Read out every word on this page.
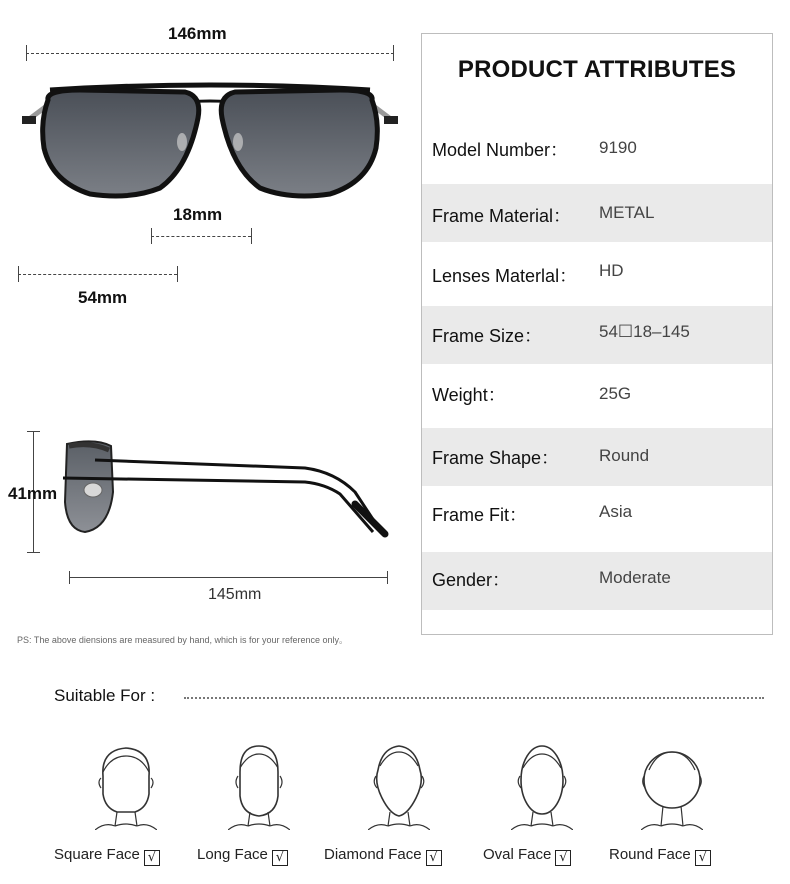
146mm
18mm
54mm
41mm
145mm
PS: The above diensions are measured by hand, which is for your reference only。
PRODUCT ATTRIBUTES
Model Number： 9190
Frame Material： METAL
Lenses Materlal： HD
Frame Size：	54☐18–145
Weight：	25G
Frame Shape： Round
Frame Fit：	Asia
Gender：	Moderate
Suitable For :
Square Face √	Long Face √	Diamond Face √	Oval Face √	Round Face √
